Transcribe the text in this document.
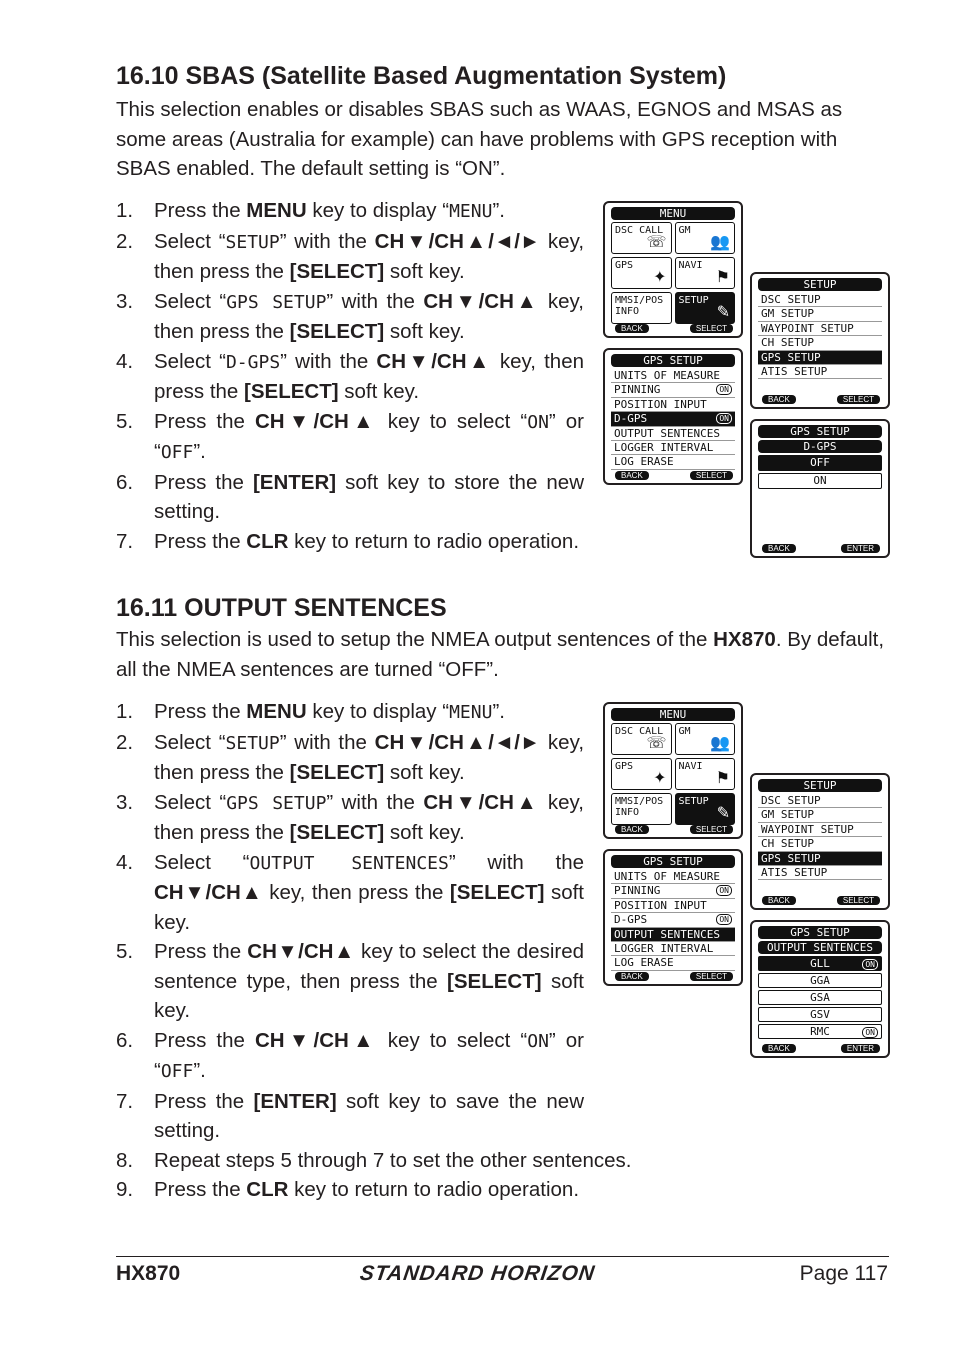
16.10 SBAS (Satellite Based Augmentation System)

This selection enables or disables SBAS such as WAAS, EGNOS and MSAS as some areas (Australia for example) can have problems with GPS reception with SBAS enabled. The default setting is “ON”.

1. Press the MENU key to display “MENU”.
2. Select “SETUP” with the CH▼/CH▲/◄/► key, then press the [SELECT] soft key.
3. Select “GPS SETUP” with the CH▼/CH▲ key, then press the [SELECT] soft key.
4. Select “D-GPS” with the CH▼/CH▲ key, then press the [SELECT] soft key.
5. Press the CH▼/CH▲ key to select “ON” or “OFF”.
6. Press the [ENTER] soft key to store the new setting.
7. Press the CLR key to return to radio operation.
MENU
DSC CALL
☏
GM
👥
GPS
✦
NAVI
⚑
MMSI/POS INFO
SETUP
✎
BACK	SELECT
GPS SETUP
UNITS OF MEASURE
PINNING	ON
POSITION INPUT
D-GPS	ON
OUTPUT SENTENCES
LOGGER INTERVAL
LOG ERASE
BACK	SELECT
SETUP
DSC SETUP
GM SETUP
WAYPOINT SETUP
CH SETUP
GPS SETUP
ATIS SETUP
BACK	SELECT
GPS SETUP
D-GPS
OFF
ON
BACK	ENTER
16.11 OUTPUT SENTENCES

This selection is used to setup the NMEA output sentences of the HX870. By default, all the NMEA sentences are turned “OFF”.

1. Press the MENU key to display “MENU”.
2. Select “SETUP” with the CH▼/CH▲/◄/► key, then press the [SELECT] soft key.
3. Select “GPS SETUP” with the CH▼/CH▲ key, then press the [SELECT] soft key.
4. Select “OUTPUT SENTENCES” with the CH▼/CH▲ key, then press the [SELECT] soft key.
5. Press the CH▼/CH▲ key to select the desired sentence type, then press the [SELECT] soft key.
6. Press the CH▼/CH▲ key to select “ON” or “OFF”.
7. Press the [ENTER] soft key to save the new setting.
8. Repeat steps 5 through 7 to set the other sentences.
9. Press the CLR key to return to radio operation.
MENU
DSC CALL
☏
GM
👥
GPS
✦
NAVI
⚑
MMSI/POS INFO
SETUP
✎
BACK	SELECT
GPS SETUP
UNITS OF MEASURE
PINNING	ON
POSITION INPUT
D-GPS	ON
OUTPUT SENTENCES
LOGGER INTERVAL
LOG ERASE
BACK	SELECT
SETUP
DSC SETUP
GM SETUP
WAYPOINT SETUP
CH SETUP
GPS SETUP
ATIS SETUP
BACK	SELECT
GPS SETUP
OUTPUT SENTENCES
GLL	ON
GGA
GSA
GSV
RMC	ON
BACK	ENTER
HX870	STANDARD HORIZON	Page 117
